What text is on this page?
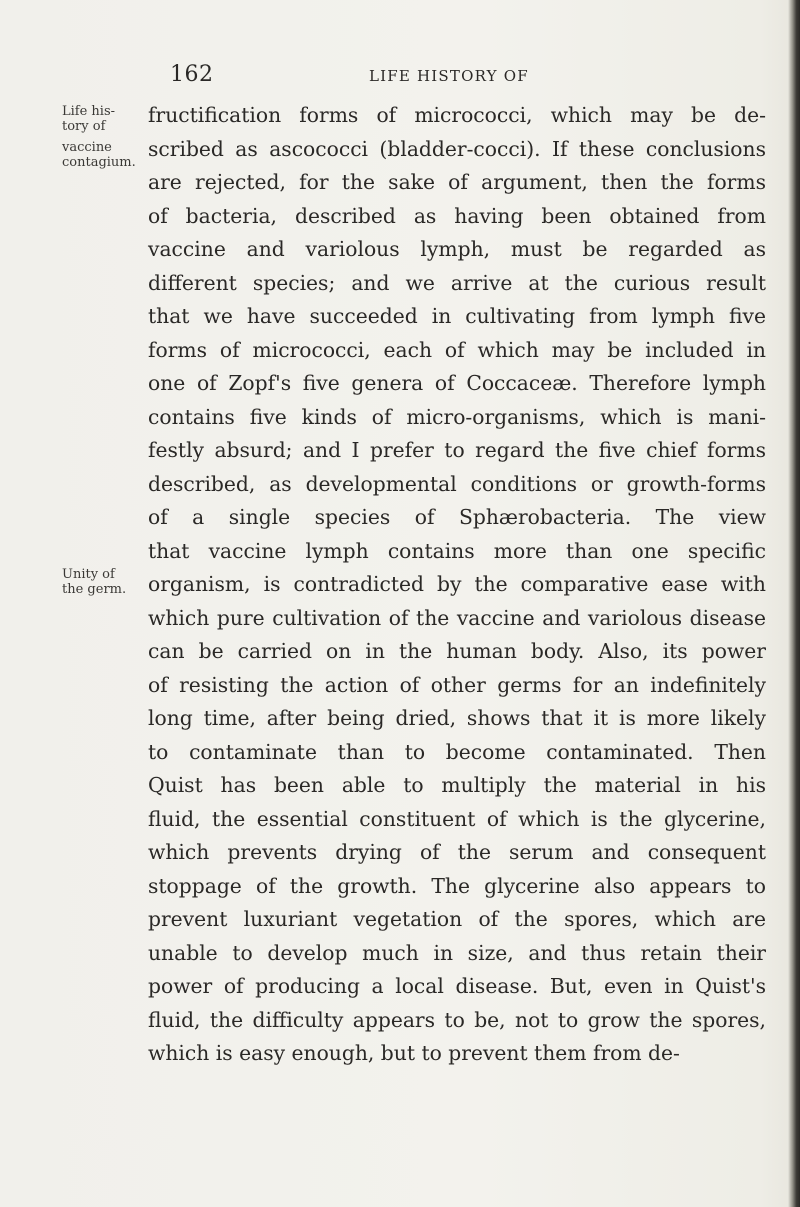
162	LIFE HISTORY OF
Life his-
tory of
vaccine
contagium.
Unity of
the germ.
fructification forms of micrococci, which may be de-
scribed as ascococci (bladder-cocci). If these conclusions
are rejected, for the sake of argument, then the forms
of bacteria, described as having been obtained from
vaccine and variolous lymph, must be regarded as
different species; and we arrive at the curious result
that we have succeeded in cultivating from lymph five
forms of micrococci, each of which may be included in
one of Zopf's five genera of Coccaceæ. Therefore lymph
contains five kinds of micro-organisms, which is mani-
festly absurd; and I prefer to regard the five chief forms
described, as developmental conditions or growth-forms
of a single species of Sphærobacteria. The view
that vaccine lymph contains more than one specific
organism, is contradicted by the comparative ease with
which pure cultivation of the vaccine and variolous disease
can be carried on in the human body. Also, its power
of resisting the action of other germs for an indefinitely
long time, after being dried, shows that it is more likely
to contaminate than to become contaminated. Then
Quist has been able to multiply the material in his
fluid, the essential constituent of which is the glycerine,
which prevents drying of the serum and consequent
stoppage of the growth. The glycerine also appears to
prevent luxuriant vegetation of the spores, which are
unable to develop much in size, and thus retain their
power of producing a local disease. But, even in Quist's
fluid, the difficulty appears to be, not to grow the spores,
which is easy enough, but to prevent them from de-
